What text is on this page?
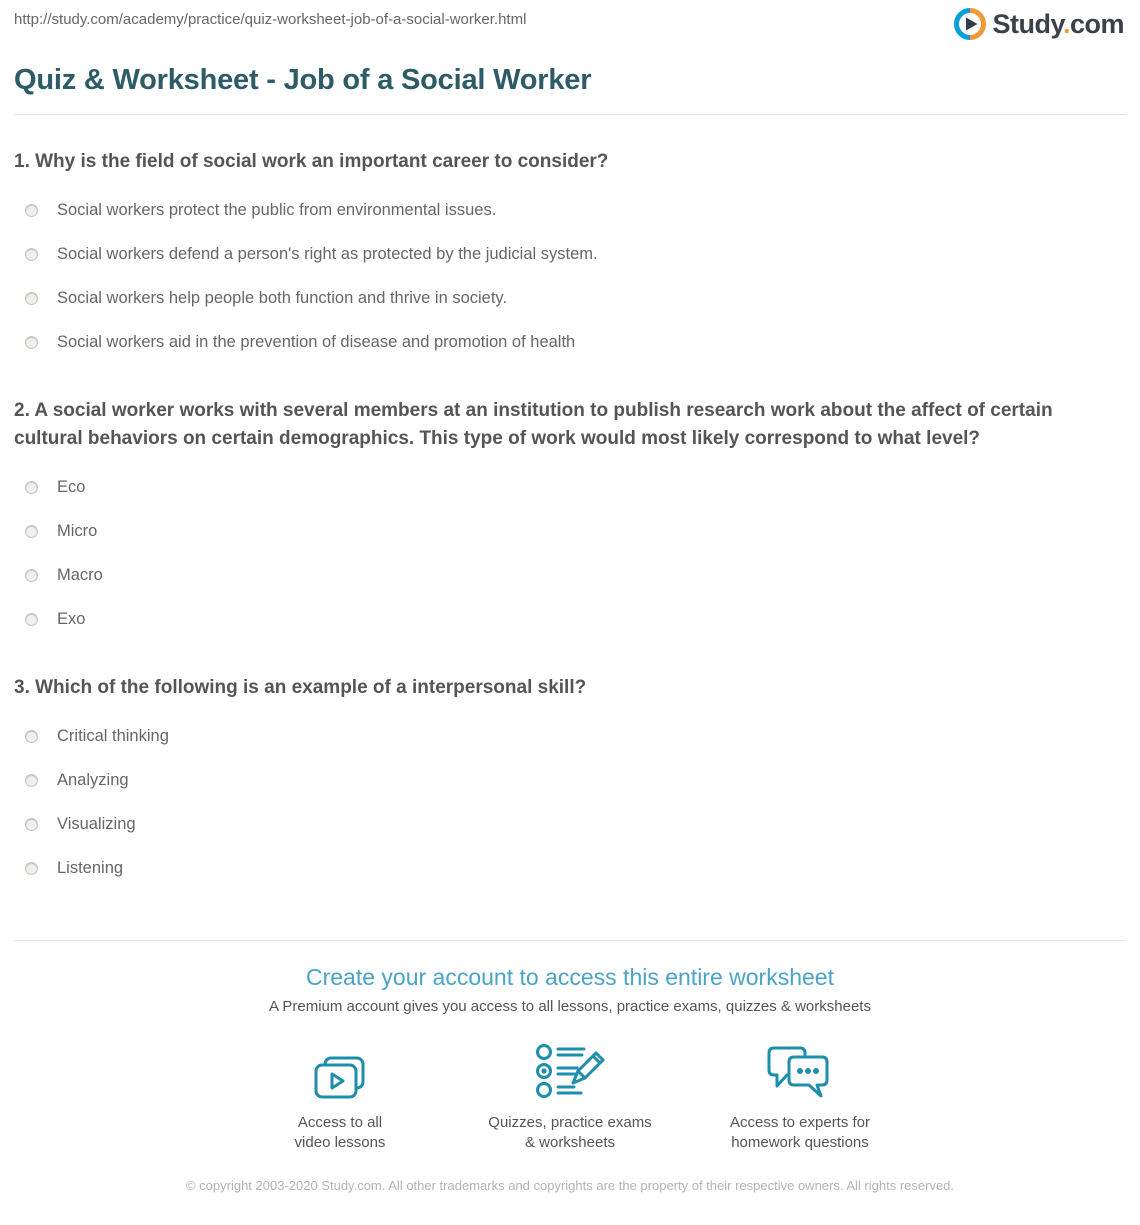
http://study.com/academy/practice/quiz-worksheet-job-of-a-social-worker.html	Study.com
Quiz & Worksheet - Job of a Social Worker
1. Why is the field of social work an important career to consider?
Social workers protect the public from environmental issues.
Social workers defend a person's right as protected by the judicial system.
Social workers help people both function and thrive in society.
Social workers aid in the prevention of disease and promotion of health
2. A social worker works with several members at an institution to publish research work about the affect of certain cultural behaviors on certain demographics. This type of work would most likely correspond to what level?
Eco
Micro
Macro
Exo
3. Which of the following is an example of a interpersonal skill?
Critical thinking
Analyzing
Visualizing
Listening
Create your account to access this entire worksheet
A Premium account gives you access to all lessons, practice exams, quizzes & worksheets
Access to all
video lessons
Quizzes, practice exams
& worksheets
Access to experts for
homework questions
© copyright 2003-2020 Study.com. All other trademarks and copyrights are the property of their respective owners. All rights reserved.
